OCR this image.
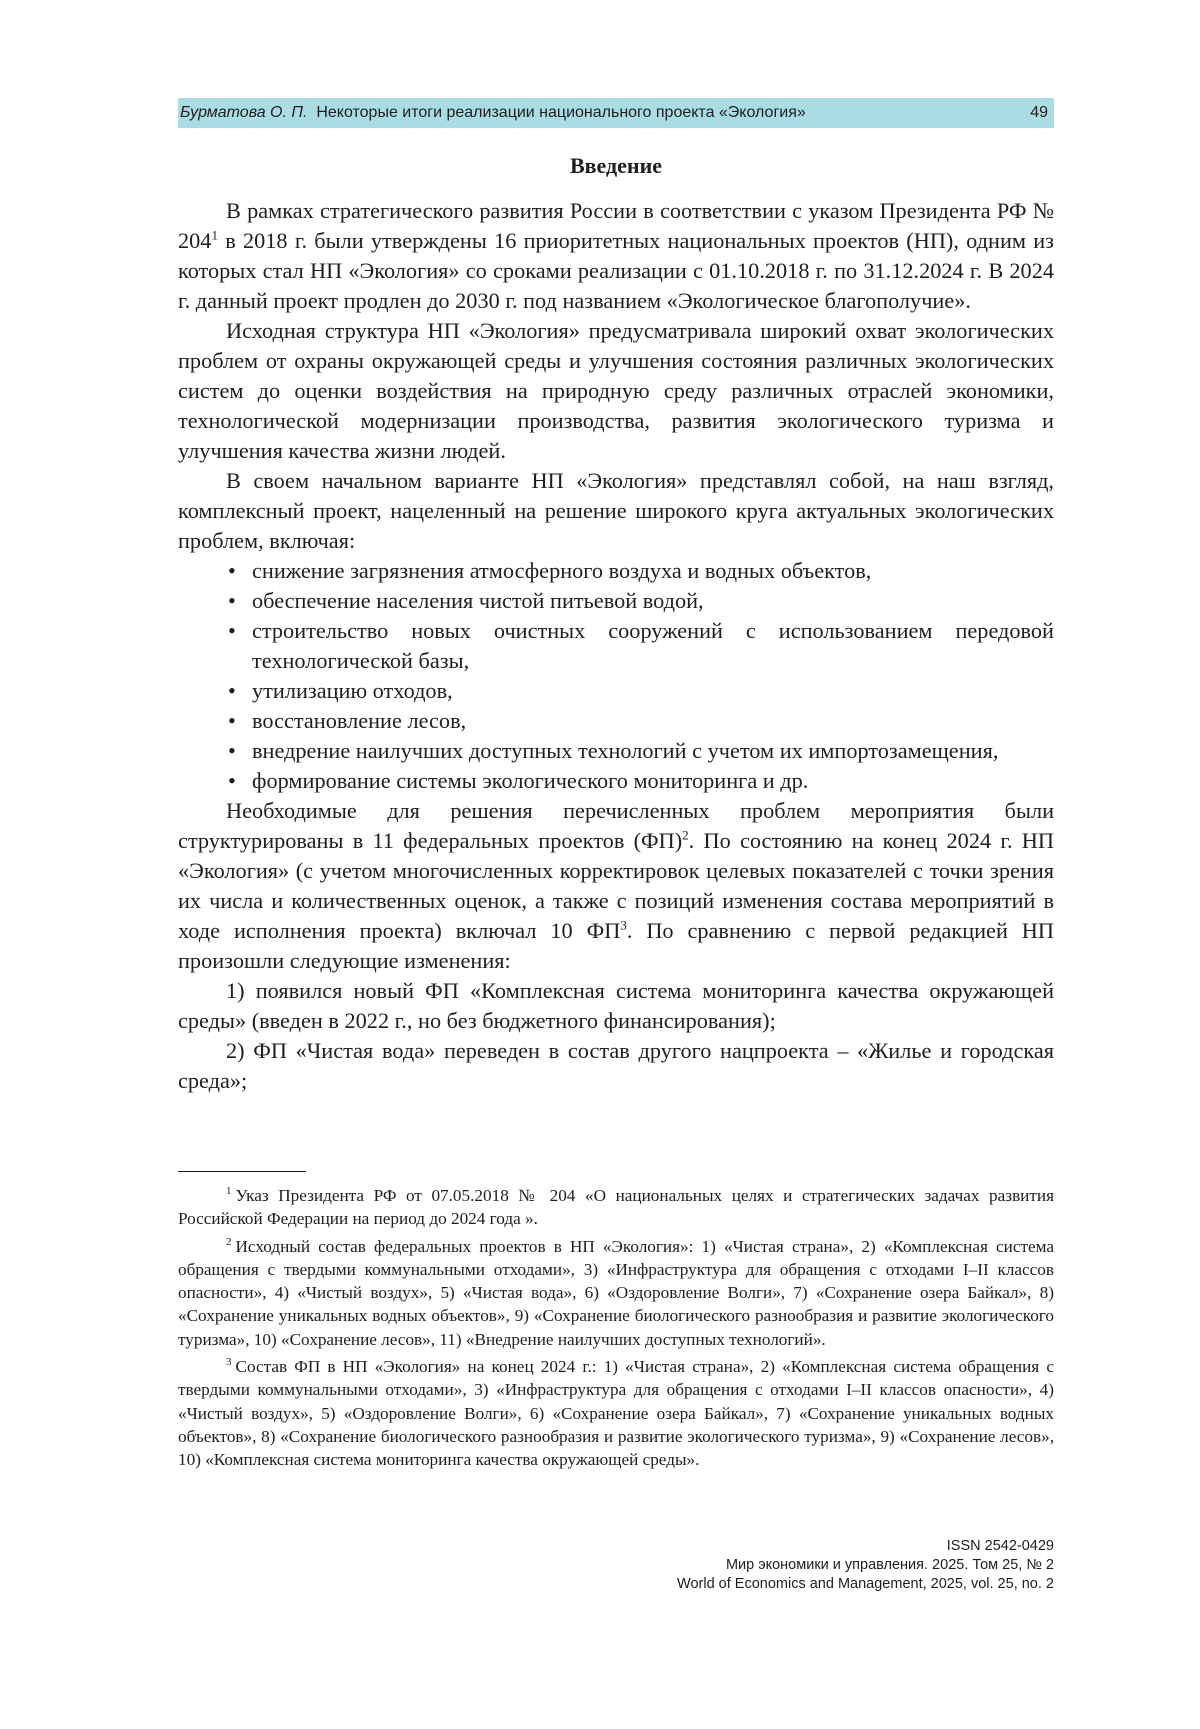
Бурматова О. П. Некоторые итоги реализации национального проекта «Экология»	49
Введение

В рамках стратегического развития России в соответствии с указом Президента РФ № $204^1$ в 2018 г. были утверждены 16 приоритетных национальных проектов (НП), одним из которых стал НП «Экология» со сроками реализации с 01.10.2018 г. по 31.12.2024 г. В 2024 г. данный проект продлен до 2030 г. под названием «Экологическое благополучие».

Исходная структура НП «Экология» предусматривала широкий охват экологических проблем от охраны окружающей среды и улучшения состояния различных экологических систем до оценки воздействия на природную среду различных отраслей экономики, технологической модернизации производства, развития экологического туризма и улучшения качества жизни людей.

В своем начальном варианте НП «Экология» представлял собой, на наш взгляд, комплексный проект, нацеленный на решение широкого круга актуальных экологических проблем, включая:

• снижение загрязнения атмосферного воздуха и водных объектов,
• обеспечение населения чистой питьевой водой,
• строительство новых очистных сооружений с использованием передовой технологической базы,
• утилизацию отходов,
• восстановление лесов,
• внедрение наилучших доступных технологий с учетом их импортозамещения,
• формирование системы экологического мониторинга и др.

Необходимые для решения перечисленных проблем мероприятия были структурированы в 11 федеральных проектов (ФП)$^2$. По состоянию на конец 2024 г. НП «Экология» (с учетом многочисленных корректировок целевых показателей с точки зрения их числа и количественных оценок, а также с позиций изменения состава мероприятий в ходе исполнения проекта) включал 10 $ФП^3$. По сравнению с первой редакцией НП произошли следующие изменения:

1) появился новый ФП «Комплексная система мониторинга качества окружающей среды» (введен в 2022 г., но без бюджетного финансирования);

2) ФП «Чистая вода» переведен в состав другого нацпроекта – «Жилье и городская среда»;

$^1$ Указ Президента РФ от 07.05.2018 № 204 «О национальных целях и стратегических задачах развития Российской Федерации на период до 2024 года ».

$^2$ Исходный состав федеральных проектов в НП «Экология»: 1) «Чистая страна», 2) «Комплексная система обращения с твердыми коммунальными отходами», 3) «Инфраструктура для обращения с отходами I–II классов опасности», 4) «Чистый воздух», 5) «Чистая вода», 6) «Оздоровление Волги», 7) «Сохранение озера Байкал», 8) «Сохранение уникальных водных объектов», 9) «Сохранение биологического разнообразия и развитие экологического туризма», 10) «Сохранение лесов», 11) «Внедрение наилучших доступных технологий».

$^3$ Состав ФП в НП «Экология» на конец 2024 г.: 1) «Чистая страна», 2) «Комплексная система обращения с твердыми коммунальными отходами», 3) «Инфраструктура для обращения с отходами I–II классов опасности», 4) «Чистый воздух», 5) «Оздоровление Волги», 6) «Сохранение озера Байкал», 7) «Сохранение уникальных водных объектов», 8) «Сохранение биологического разнообразия и развитие экологического туризма», 9) «Сохранение лесов», 10) «Комплексная система мониторинга качества окружающей среды».

ISSN 2542-0429
Мир экономики и управления. 2025. Том 25, № 2
World of Economics and Management, 2025, vol. 25, no. 2
